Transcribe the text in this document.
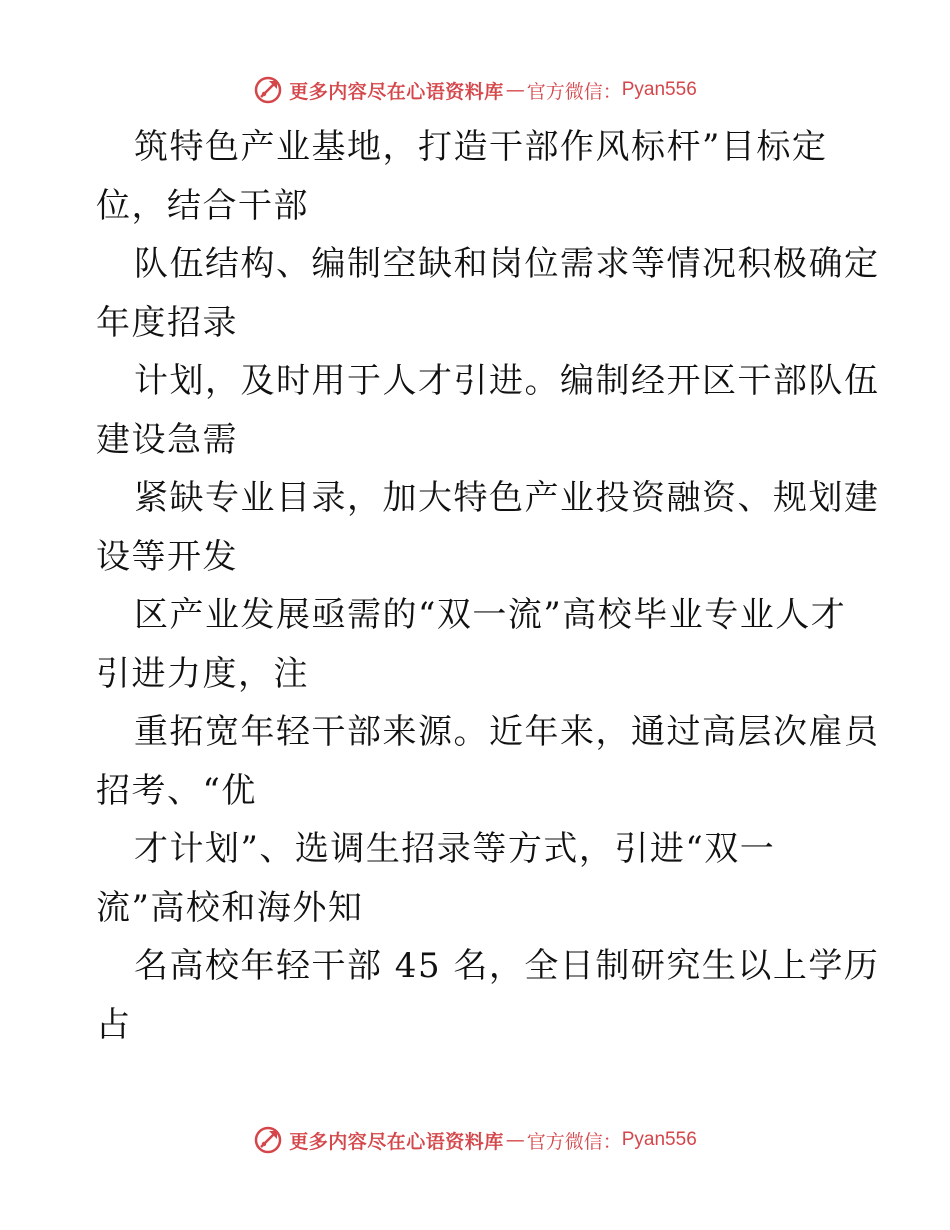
更多内容尽在心语资料库 — 官方微信： Pyan556
筑特色产业基地，打造干部作风标杆”目标定
位，结合干部
队伍结构、编制空缺和岗位需求等情况积极确定
年度招录
计划，及时用于人才引进。编制经开区干部队伍
建设急需
紧缺专业目录，加大特色产业投资融资、规划建
设等开发
区产业发展亟需的“双一流”高校毕业专业人才
引进力度，注
重拓宽年轻干部来源。近年来，通过高层次雇员
招考、“优
才计划”、选调生招录等方式，引进“双一
流”高校和海外知
名高校年轻干部 45 名，全日制研究生以上学历
占
更多内容尽在心语资料库 — 官方微信： Pyan556
